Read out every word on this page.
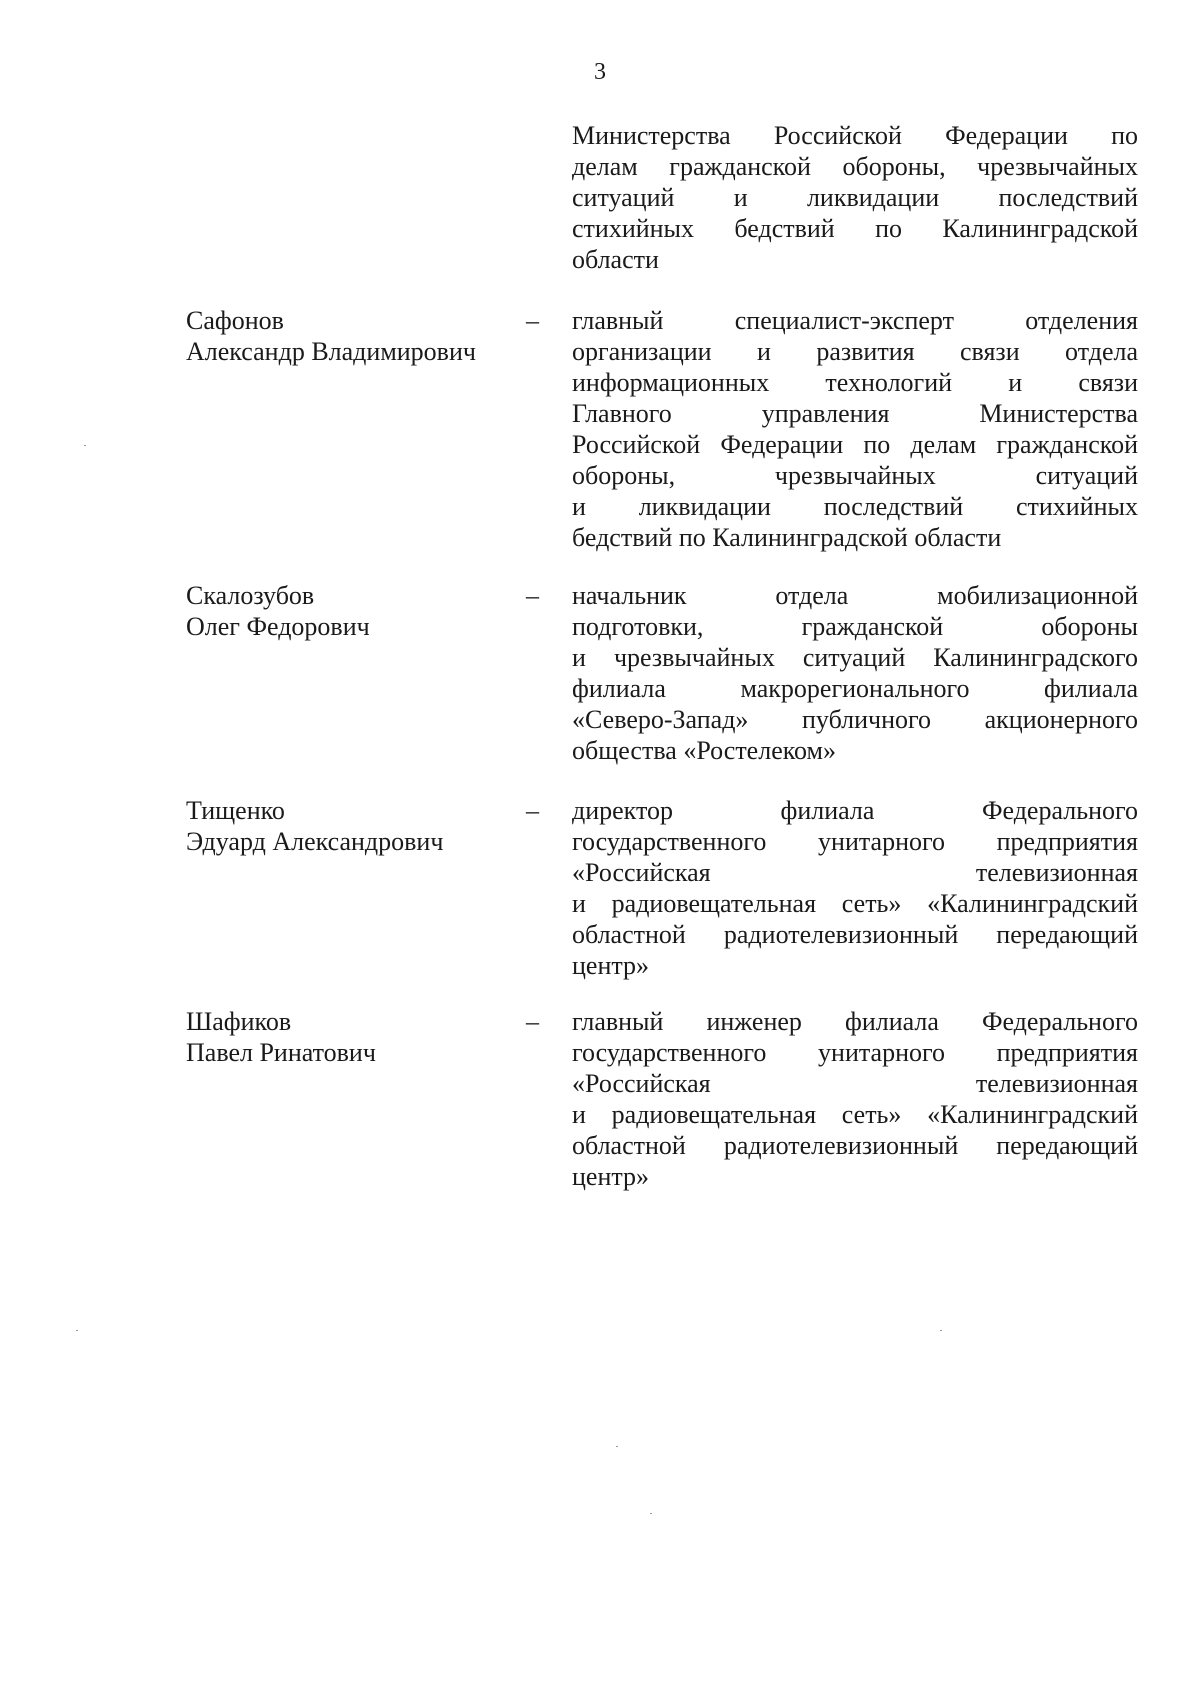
3
Министерства Российской Федерации по
делам гражданской обороны, чрезвычайных
ситуаций и ликвидации последствий
стихийных бедствий по Калининградской
области
Сафонов
Александр Владимирович
– главный специалист-эксперт отделения
организации и развития связи отдела
информационных технологий и связи
Главного управления Министерства
Российской Федерации по делам гражданской
обороны, чрезвычайных ситуаций
и ликвидации последствий стихийных
бедствий по Калининградской области
Скалозубов
Олег Федорович
– начальник отдела мобилизационной
подготовки, гражданской обороны
и чрезвычайных ситуаций Калининградского
филиала макрорегионального филиала
«Северо-Запад» публичного акционерного
общества «Ростелеком»
Тищенко
Эдуард Александрович
– директор филиала Федерального
государственного унитарного предприятия
«Российская телевизионная
и радиовещательная сеть» «Калининградский
областной радиотелевизионный передающий
центр»
Шафиков
Павел Ринатович
– главный инженер филиала Федерального
государственного унитарного предприятия
«Российская телевизионная
и радиовещательная сеть» «Калининградский
областной радиотелевизионный передающий
центр»
